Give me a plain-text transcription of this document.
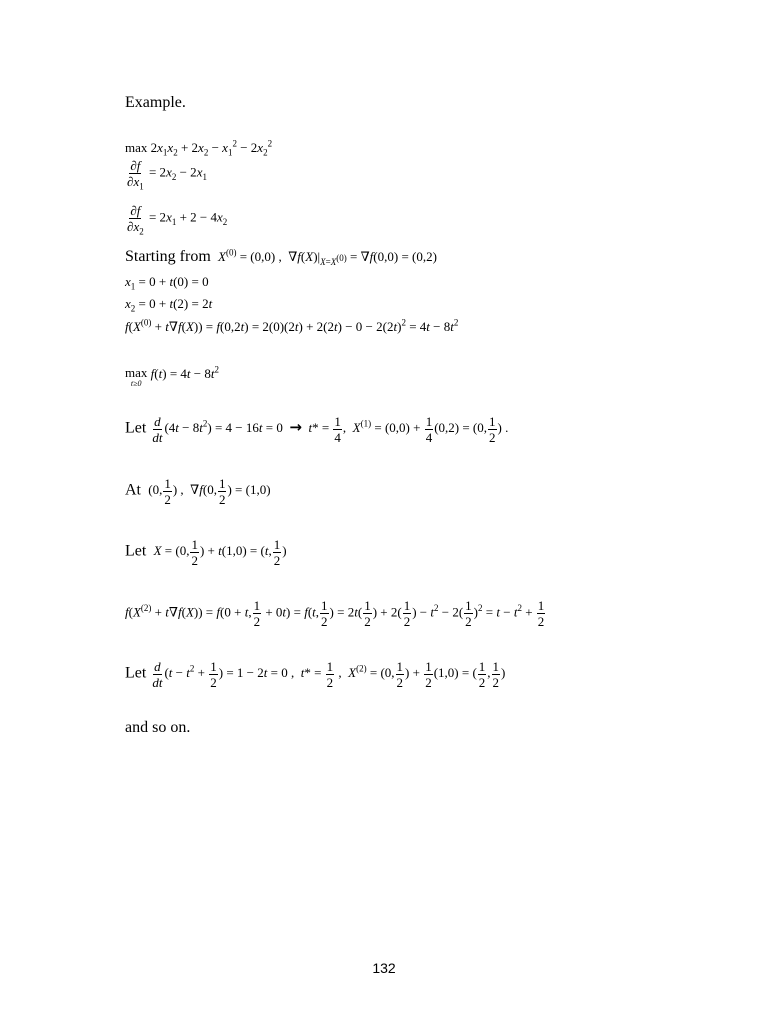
Example.
$\max 2x_1x_2 + 2x_2 - x_1^2 - 2x_2^2$
$\frac{\partial f}{\partial x_1} = 2x_2 - 2x_1$
$\frac{\partial f}{\partial x_2} = 2x_1 + 2 - 4x_2$
Starting from $X^{(0)} = (0,0)$ ,  $\nabla f(X)|_{X=X^{(0)}} = \nabla f(0,0) = (0,2)$
$x_1 = 0 + t(0) = 0$
$x_2 = 0 + t(2) = 2t$
$f(X^{(0)} + t\nabla f(X)) = f(0,2t) = 2(0)(2t) + 2(2t) - 0 - 2(2t)^2 = 4t - 8t^2$
max
t≥0
$f(t) = 4t - 8t^2$
Let $\frac{d}{dt} (4t - 8t^2) = 4 - 16t = 0 \to t* = \frac{1}{4}$ ,  $X^{(1)} = (0,0) + \frac{1}{4} (0,2) = (0$, $\frac{1}{2}$ ) .
At  (0, $\frac{1}{2}$ ) ,  ∇f(0, $\frac{1}{2}$ ) = (1,0)
Let X = (0, $\frac{1}{2}$ ) + t(1,0) = (t, $\frac{1}{2}$ )
$f(X^{(2)} + t\nabla f(X)) = f(0 + t$, $\frac{1}{2} + 0t) = f(t$, $\frac{1}{2}$ ) = $2t( \frac{1}{2}$ ) + $2( \frac{1}{2}$ ) − $t^2 - 2( \frac{1}{2} )^2 = t - t^2 + \frac{1}{2}$
Let $\frac{d}{dt} (t - t^2 + \frac{1}{2}$ ) = 1 − 2t = 0 ,  $t* = \frac{1}{2}$ ,  $X^{(2)} = (0$, $\frac{1}{2}$ ) + $\frac{1}{2} (1,0)$ = ( $\frac{1}{2}$ , $\frac{1}{2}$ )
and so on.
132
